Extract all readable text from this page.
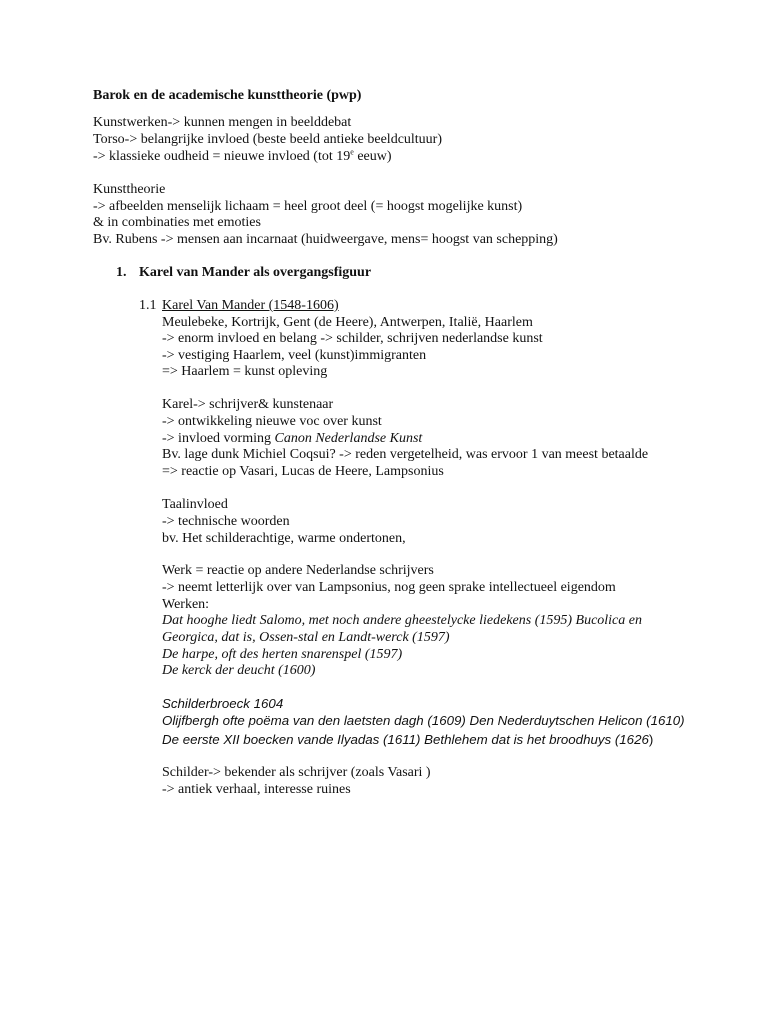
Barok en de academische kunsttheorie (pwp)
Kunstwerken-> kunnen mengen in beelddebat
Torso-> belangrijke invloed (beste beeld antieke beeldcultuur)
-> klassieke oudheid = nieuwe invloed (tot 19e eeuw)
Kunsttheorie
-> afbeelden menselijk lichaam = heel groot deel (= hoogst mogelijke kunst)
& in combinaties met emoties
Bv. Rubens -> mensen aan incarnaat (huidweergave, mens= hoogst van schepping)
1. Karel van Mander als overgangsfiguur
1.1 Karel Van Mander (1548-1606)
Meulebeke, Kortrijk, Gent (de Heere), Antwerpen, Italië, Haarlem
-> enorm invloed en belang -> schilder, schrijven nederlandse kunst
-> vestiging Haarlem, veel (kunst)immigranten
=> Haarlem = kunst opleving
Karel-> schrijver& kunstenaar
-> ontwikkeling nieuwe voc over kunst
-> invloed vorming Canon Nederlandse Kunst
Bv. lage dunk Michiel Coqsui? -> reden vergetelheid, was ervoor 1 van meest betaalde
=> reactie op Vasari, Lucas de Heere, Lampsonius
Taalinvloed
-> technische woorden
bv. Het schilderachtige, warme ondertonen,
Werk = reactie op andere Nederlandse schrijvers
-> neemt letterlijk over van Lampsonius, nog geen sprake intellectueel eigendom
Werken:
Dat hooghe liedt Salomo, met noch andere gheestelycke liedekens (1595) Bucolica en
Georgica, dat is, Ossen-stal en Landt-werck (1597)
De harpe, oft des herten snarenspel (1597)
De kerck der deucht (1600)
Schilderbroeck 1604
Olijfbergh ofte poëma van den laetsten dagh (1609) Den Nederduytschen Helicon (1610)
De eerste XII boecken vande Ilyadas (1611) Bethlehem dat is het broodhuys (1626)
Schilder-> bekender als schrijver (zoals Vasari )
-> antiek verhaal, interesse ruines
